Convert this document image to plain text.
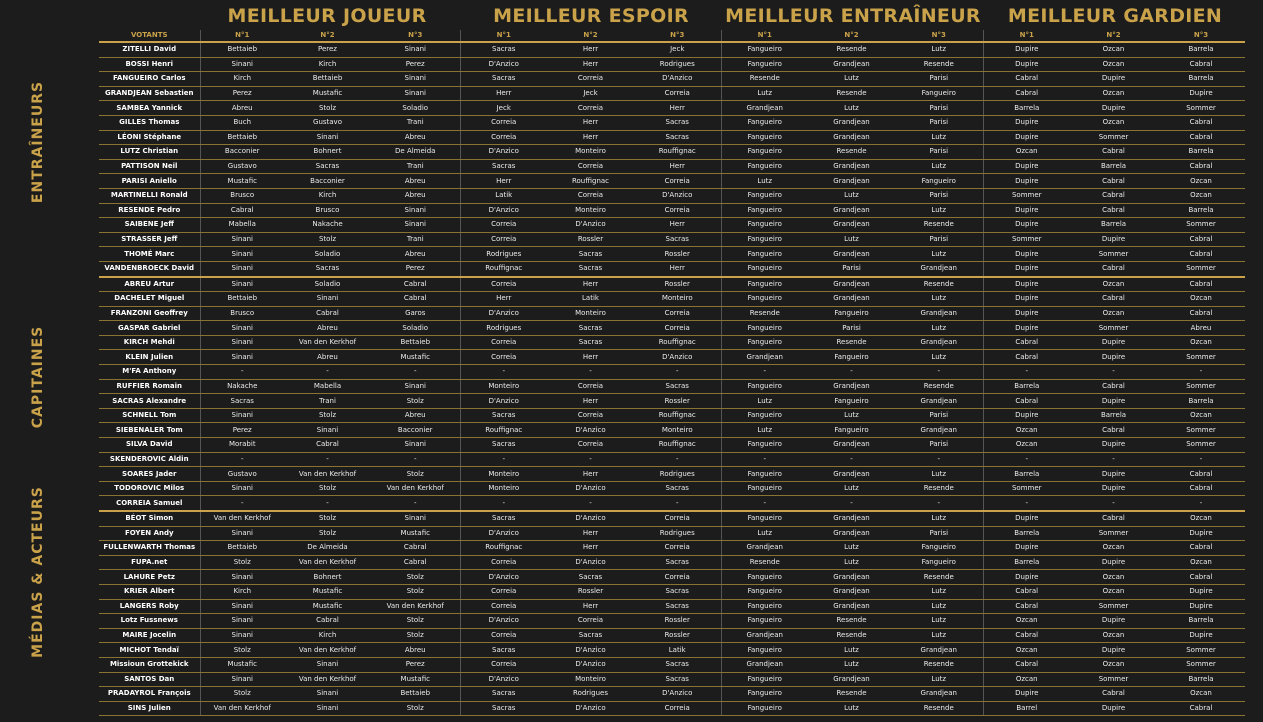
MEILLEUR JOUEUR	MEILLEUR ESPOIR	MEILLEUR ENTRAÎNEUR	MEILLEUR GARDIEN
ENTRAÎNEURS
CAPITAINES
MÉDIAS & ACTEURS
VOTANTS	N°1	N°2	N°3	N°1	N°2	N°3	N°1	N°2	N°3	N°1	N°2	N°3
ZITELLI David	Bettaieb	Perez	Sinani	Sacras	Herr	Jeck	Fangueiro	Resende	Lutz	Dupire	Ozcan	Barrela
BOSSI Henri	Sinani	Kirch	Perez	D'Anzico	Herr	Rodrigues	Fangueiro	Grandjean	Resende	Dupire	Ozcan	Cabral
FANGUEIRO Carlos	Kirch	Bettaieb	Sinani	Sacras	Correia	D'Anzico	Resende	Lutz	Parisi	Cabral	Dupire	Barrela
GRANDJEAN Sebastien	Perez	Mustafic	Sinani	Herr	Jeck	Correia	Lutz	Resende	Fangueiro	Cabral	Ozcan	Dupire
SAMBEA Yannick	Abreu	Stolz	Soladio	Jeck	Correia	Herr	Grandjean	Lutz	Parisi	Barrela	Dupire	Sommer
GILLES Thomas	Buch	Gustavo	Trani	Correia	Herr	Sacras	Fangueiro	Grandjean	Parisi	Dupire	Ozcan	Cabral
LÉONI Stéphane	Bettaieb	Sinani	Abreu	Correia	Herr	Sacras	Fangueiro	Grandjean	Lutz	Dupire	Sommer	Cabral
LUTZ Christian	Bacconier	Bohnert	De Almeida	D'Anzico	Monteiro	Rouffignac	Fangueiro	Resende	Parisi	Ozcan	Cabral	Barrela
PATTISON Neil	Gustavo	Sacras	Trani	Sacras	Correia	Herr	Fangueiro	Grandjean	Lutz	Dupire	Barrela	Cabral
PARISI Aniello	Mustafic	Bacconier	Abreu	Herr	Rouffignac	Correia	Lutz	Grandjean	Fangueiro	Dupire	Cabral	Ozcan
MARTINELLI Ronald	Brusco	Kirch	Abreu	Latik	Correia	D'Anzico	Fangueiro	Lutz	Parisi	Sommer	Cabral	Ozcan
RESENDE Pedro	Cabral	Brusco	Sinani	D'Anzico	Monteiro	Correia	Fangueiro	Grandjean	Lutz	Dupire	Cabral	Barrela
SAIBENE Jeff	Mabella	Nakache	Sinani	Correia	D'Anzico	Herr	Fangueiro	Grandjean	Resende	Dupire	Barrela	Sommer
STRASSER Jeff	Sinani	Stolz	Trani	Correia	Rossler	Sacras	Fangueiro	Lutz	Parisi	Sommer	Dupire	Cabral
THOMÉ Marc	Sinani	Soladio	Abreu	Rodrigues	Sacras	Rossler	Fangueiro	Grandjean	Lutz	Dupire	Sommer	Cabral
VANDENBROECK David	Sinani	Sacras	Perez	Rouffignac	Sacras	Herr	Fangueiro	Parisi	Grandjean	Dupire	Cabral	Sommer
ABREU Artur	Sinani	Soladio	Cabral	Correia	Herr	Rossler	Fangueiro	Grandjean	Resende	Dupire	Ozcan	Cabral
DACHELET Miguel	Bettaieb	Sinani	Cabral	Herr	Latik	Monteiro	Fangueiro	Grandjean	Lutz	Dupire	Cabral	Ozcan
FRANZONI Geoffrey	Brusco	Cabral	Garos	D'Anzico	Monteiro	Correia	Resende	Fangueiro	Grandjean	Dupire	Ozcan	Cabral
GASPAR Gabriel	Sinani	Abreu	Soladio	Rodrigues	Sacras	Correia	Fangueiro	Parisi	Lutz	Dupire	Sommer	Abreu
KIRCH Mehdi	Sinani	Van den Kerkhof	Bettaieb	Correia	Sacras	Rouffignac	Fangueiro	Resende	Grandjean	Cabral	Dupire	Ozcan
KLEIN Julien	Sinani	Abreu	Mustafic	Correia	Herr	D'Anzico	Grandjean	Fangueiro	Lutz	Cabral	Dupire	Sommer
M'FA Anthony	-	-	-	-	-	-	-	-	-	-	-	-
RUFFIER Romain	Nakache	Mabella	Sinani	Monteiro	Correia	Sacras	Fangueiro	Grandjean	Resende	Barrela	Cabral	Sommer
SACRAS Alexandre	Sacras	Trani	Stolz	D'Anzico	Herr	Rossler	Lutz	Fangueiro	Grandjean	Cabral	Dupire	Barrela
SCHNELL Tom	Sinani	Stolz	Abreu	Sacras	Correia	Rouffignac	Fangueiro	Lutz	Parisi	Dupire	Barrela	Ozcan
SIEBENALER Tom	Perez	Sinani	Bacconier	Rouffignac	D'Anzico	Monteiro	Lutz	Fangueiro	Grandjean	Ozcan	Cabral	Sommer
SILVA David	Morabit	Cabral	Sinani	Sacras	Correia	Rouffignac	Fangueiro	Grandjean	Parisi	Ozcan	Dupire	Sommer
SKENDEROVIC Aldin	-	-	-	-	-	-	-	-	-	-	-	-
SOARES Jader	Gustavo	Van den Kerkhof	Stolz	Monteiro	Herr	Rodrigues	Fangueiro	Grandjean	Lutz	Barrela	Dupire	Cabral
TODOROVIC Milos	Sinani	Stolz	Van den Kerkhof	Monteiro	D'Anzico	Sacras	Fangueiro	Lutz	Resende	Sommer	Dupire	Cabral
CORREIA Samuel	-	-	-	-	-	-	-	-	-	-	-	-
BÉOT Simon	Van den Kerkhof	Stolz	Sinani	Sacras	D'Anzico	Correia	Fangueiro	Grandjean	Lutz	Dupire	Cabral	Ozcan
FOYEN Andy	Sinani	Stolz	Mustafic	D'Anzico	Herr	Rodrigues	Lutz	Grandjean	Parisi	Barrela	Sommer	Dupire
FULLENWARTH Thomas	Bettaieb	De Almeida	Cabral	Rouffignac	Herr	Correia	Grandjean	Lutz	Fangueiro	Dupire	Ozcan	Cabral
FUPA.net	Stolz	Van den Kerkhof	Cabral	Correia	D'Anzico	Sacras	Resende	Lutz	Fangueiro	Barrela	Dupire	Ozcan
LAHURE Petz	Sinani	Bohnert	Stolz	D'Anzico	Sacras	Correia	Fangueiro	Grandjean	Resende	Dupire	Ozcan	Cabral
KRIER Albert	Kirch	Mustafic	Stolz	Correia	Rossler	Sacras	Fangueiro	Grandjean	Lutz	Cabral	Ozcan	Dupire
LANGERS Roby	Sinani	Mustafic	Van den Kerkhof	Correia	Herr	Sacras	Fangueiro	Grandjean	Lutz	Cabral	Sommer	Dupire
Lotz Fussnews	Sinani	Cabral	Stolz	D'Anzico	Correia	Rossler	Fangueiro	Resende	Lutz	Ozcan	Dupire	Barrela
MAIRE Jocelin	Sinani	Kirch	Stolz	Correia	Sacras	Rossler	Grandjean	Resende	Lutz	Cabral	Ozcan	Dupire
MICHOT Tendaï	Stolz	Van den Kerkhof	Abreu	Sacras	D'Anzico	Latik	Fangueiro	Lutz	Grandjean	Ozcan	Dupire	Sommer
Missioun Grottekick	Mustafic	Sinani	Perez	Correia	D'Anzico	Sacras	Grandjean	Lutz	Resende	Cabral	Ozcan	Sommer
SANTOS Dan	Sinani	Van den Kerkhof	Mustafic	D'Anzico	Monteiro	Sacras	Fangueiro	Grandjean	Lutz	Ozcan	Sommer	Barrela
PRADAYROL François	Stolz	Sinani	Bettaieb	Sacras	Rodrigues	D'Anzico	Fangueiro	Resende	Grandjean	Dupire	Cabral	Ozcan
SINS Julien	Van den Kerkhof	Sinani	Stolz	Sacras	D'Anzico	Correia	Fangueiro	Lutz	Resende	Barrel	Dupire	Cabral
